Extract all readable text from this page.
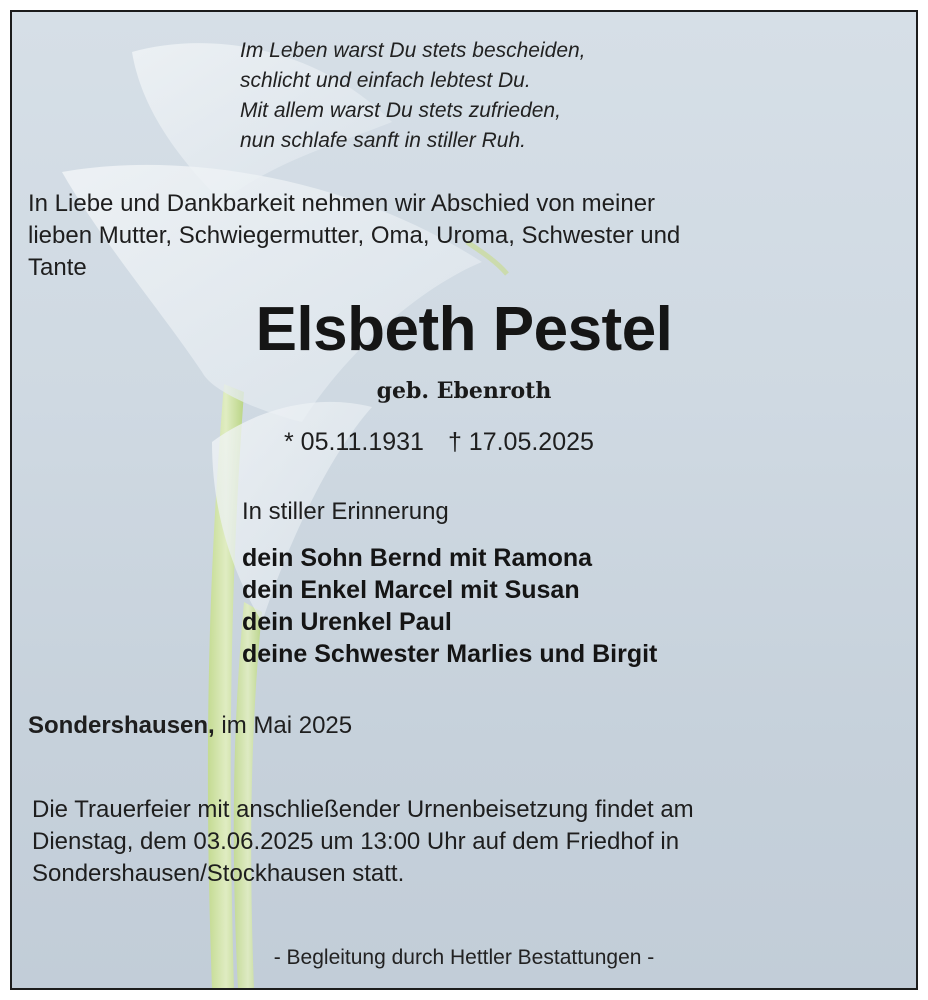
Im Leben warst Du stets bescheiden,
schlicht und einfach lebtest Du.
Mit allem warst Du stets zufrieden,
nun schlafe sanft in stiller Ruh.
In Liebe und Dankbarkeit nehmen wir Abschied von meiner
lieben Mutter, Schwiegermutter, Oma, Uroma, Schwester und
Tante
Elsbeth Pestel
geb. Ebenroth
* 05.11.1931 † 17.05.2025
In stiller Erinnerung
dein Sohn Bernd mit Ramona
dein Enkel Marcel mit Susan
dein Urenkel Paul
deine Schwester Marlies und Birgit
Sondershausen, im Mai 2025
Die Trauerfeier mit anschließender Urnenbeisetzung findet am
Dienstag, dem 03.06.2025 um 13:00 Uhr auf dem Friedhof in
Sondershausen/Stockhausen statt.
- Begleitung durch Hettler Bestattungen -
